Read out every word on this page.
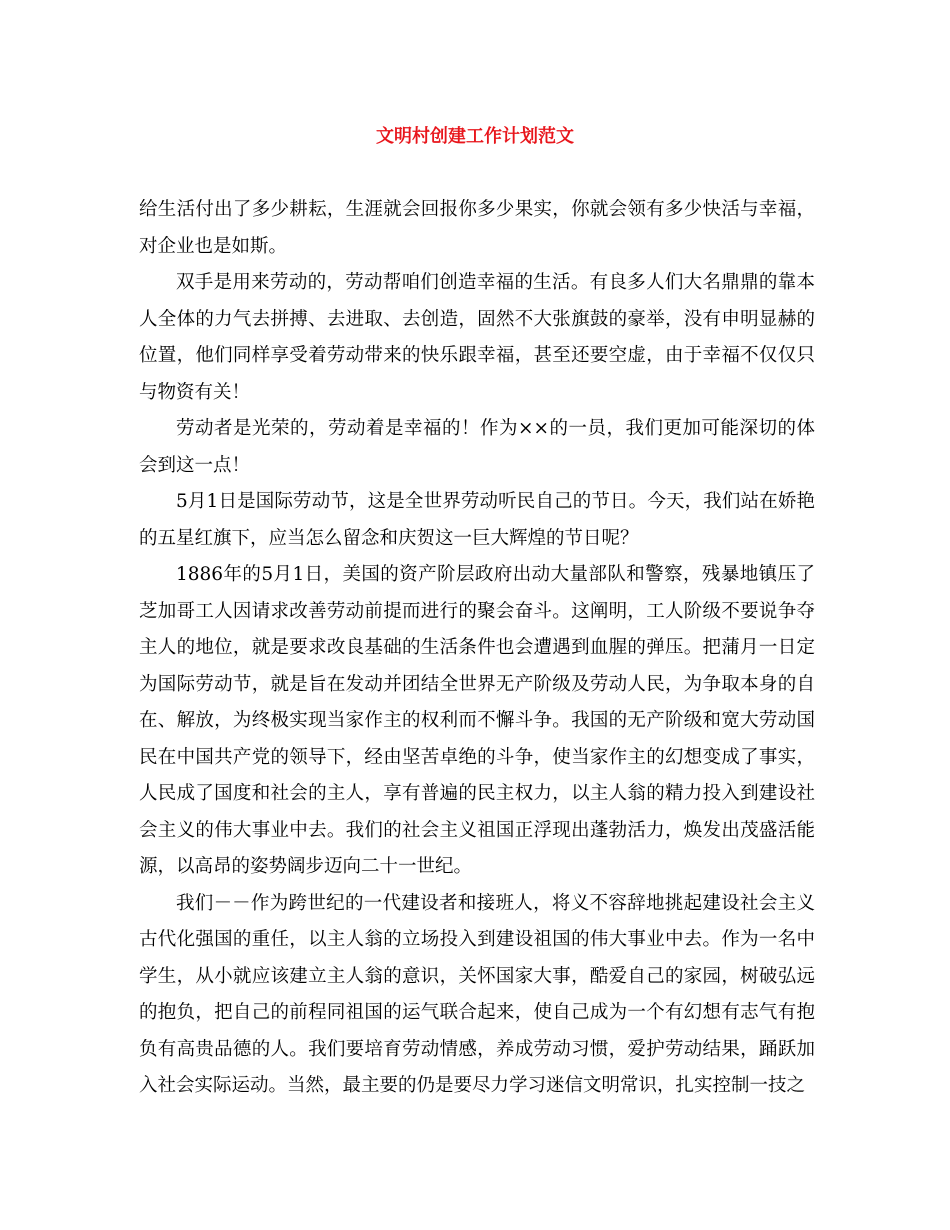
文明村创建工作计划范文

给生活付出了多少耕耘，生涯就会回报你多少果实，你就会领有多少快活与幸福，对企业也是如斯。

双手是用来劳动的，劳动帮咱们创造幸福的生活。有良多人们大名鼎鼎的靠本人全体的力气去拼搏、去进取、去创造，固然不大张旗鼓的豪举，没有申明显赫的位置，他们同样享受着劳动带来的快乐跟幸福，甚至还要空虚，由于幸福不仅仅只与物资有关！

劳动者是光荣的，劳动着是幸福的！作为××的一员，我们更加可能深切的体会到这一点！

5月1日是国际劳动节，这是全世界劳动听民自己的节日。今天，我们站在娇艳的五星红旗下，应当怎么留念和庆贺这一巨大辉煌的节日呢？

1886年的5月1日，美国的资产阶层政府出动大量部队和警察，残暴地镇压了芝加哥工人因请求改善劳动前提而进行的聚会奋斗。这阐明，工人阶级不要说争夺主人的地位，就是要求改良基础的生活条件也会遭遇到血腥的弹压。把蒲月一日定为国际劳动节，就是旨在发动并团结全世界无产阶级及劳动人民，为争取本身的自在、解放，为终极实现当家作主的权利而不懈斗争。我国的无产阶级和宽大劳动国民在中国共产党的领导下，经由坚苦卓绝的斗争，使当家作主的幻想变成了事实，人民成了国度和社会的主人，享有普遍的民主权力，以主人翁的精力投入到建设社会主义的伟大事业中去。我们的社会主义祖国正浮现出蓬勃活力，焕发出茂盛活能源，以高昂的姿势阔步迈向二十一世纪。

我们－－作为跨世纪的一代建设者和接班人，将义不容辞地挑起建设社会主义古代化强国的重任，以主人翁的立场投入到建设祖国的伟大事业中去。作为一名中学生，从小就应该建立主人翁的意识，关怀国家大事，酷爱自己的家园，树破弘远的抱负，把自己的前程同祖国的运气联合起来，使自己成为一个有幻想有志气有抱负有高贵品德的人。我们要培育劳动情感，养成劳动习惯，爱护劳动结果，踊跃加入社会实际运动。当然，最主要的仍是要尽力学习迷信文明常识，扎实控制一技之
